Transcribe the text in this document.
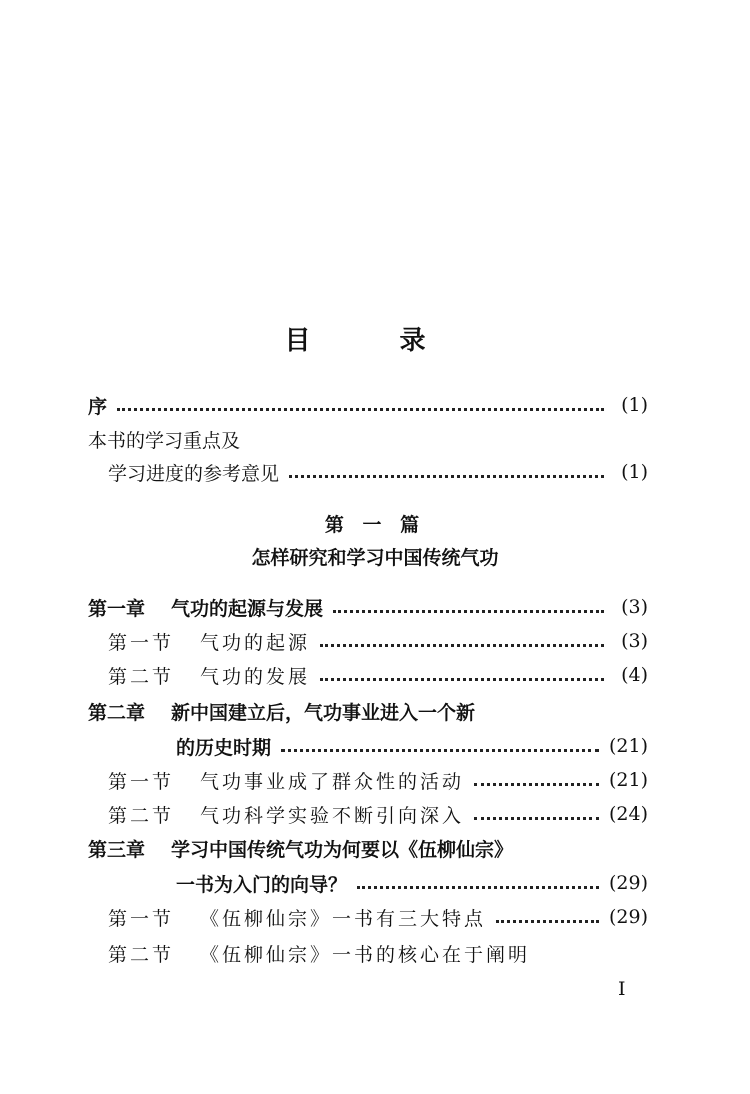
目 录
序	(1)
本书的学习重点及
学习进度的参考意见	(1)
第 一 篇
怎样研究和学习中国传统气功
第一章 气功的起源与发展	(3)
第一节 气功的起源	(3)
第二节 气功的发展	(4)
第二章 新中国建立后，气功事业进入一个新
的历史时期	(21)
第一节 气功事业成了群众性的活动	(21)
第二节 气功科学实验不断引向深入	(24)
第三章 学习中国传统气功为何要以《伍柳仙宗》
一书为入门的向导？	(29)
第一节 《伍柳仙宗》一书有三大特点	(29)
第二节 《伍柳仙宗》一书的核心在于阐明
I
